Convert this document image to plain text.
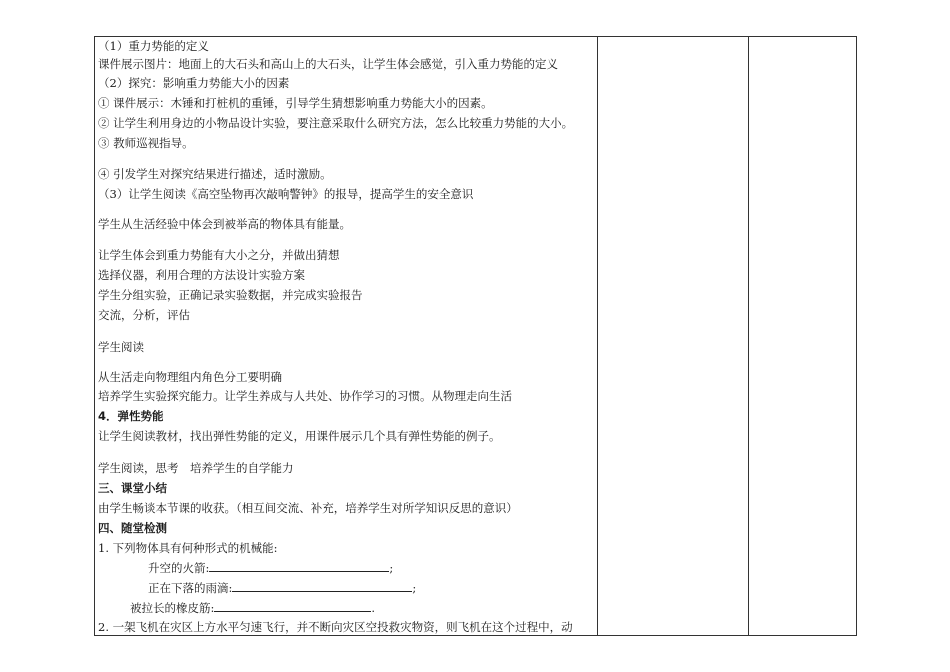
（1）重力势能的定义
课件展示图片：地面上的大石头和高山上的大石头，让学生体会感觉，引入重力势能的定义
（2）探究：影响重力势能大小的因素
① 课件展示：木锤和打桩机的重锤，引导学生猜想影响重力势能大小的因素。
② 让学生利用身边的小物品设计实验，要注意采取什么研究方法，怎么比较重力势能的大小。
③ 教师巡视指导。
④ 引发学生对探究结果进行描述，适时激励。
（3）让学生阅读《高空坠物再次敲响警钟》的报导，提高学生的安全意识
学生从生活经验中体会到被举高的物体具有能量。
让学生体会到重力势能有大小之分，并做出猜想
选择仪器，利用合理的方法设计实验方案
学生分组实验，正确记录实验数据，并完成实验报告
交流，分析，评估
学生阅读
从生活走向物理组内角色分工要明确
培养学生实验探究能力。让学生养成与人共处、协作学习的习惯。从物理走向生活
4．弹性势能
让学生阅读教材，找出弹性势能的定义，用课件展示几个具有弹性势能的例子。
学生阅读，思考　培养学生的自学能力
三、课堂小结
由学生畅谈本节课的收获。（相互间交流、补充，培养学生对所学知识反思的意识）
四、随堂检测
1. 下列物体具有何种形式的机械能:
升空的火箭:	;
正在下落的雨滴:	;
被拉长的橡皮筋:	.
2. 一架飞机在灾区上方水平匀速飞行，并不断向灾区空投救灾物资，则飞机在这个过程中，动
